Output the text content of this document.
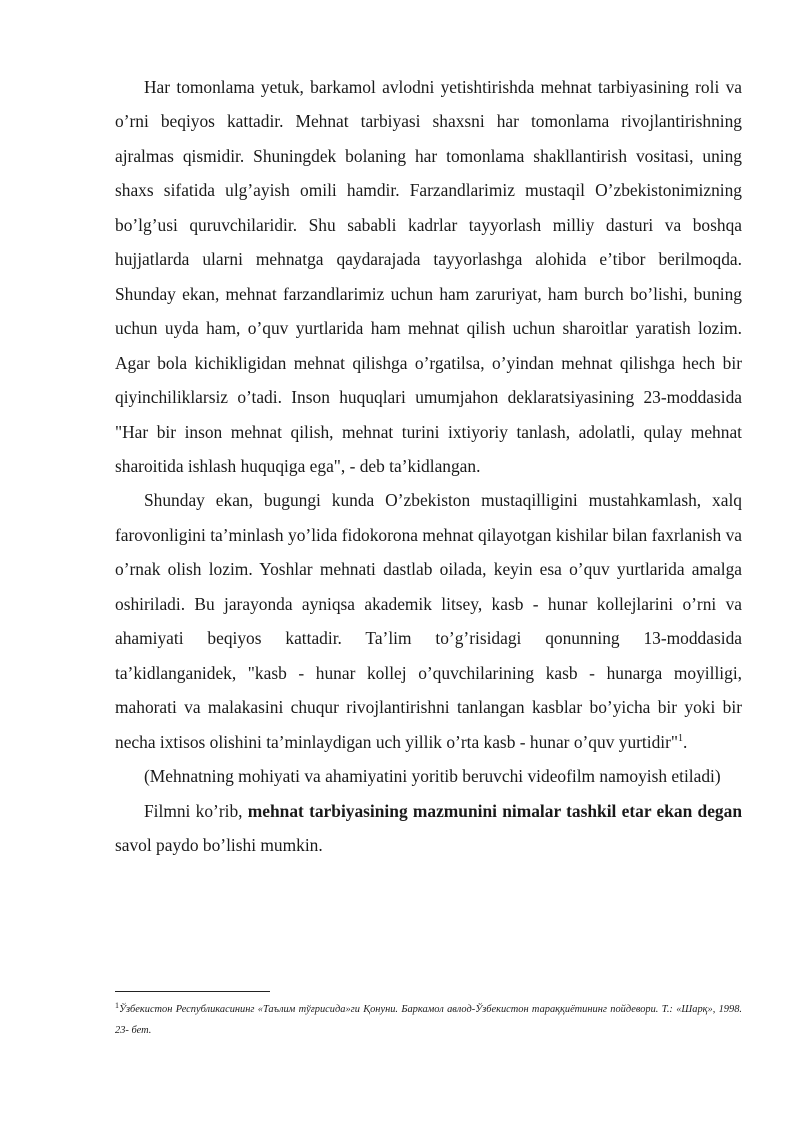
Har tomonlama yetuk, barkamol avlodni yetishtirishda mehnat tarbiyasining roli va o’rni beqiyos kattadir. Mehnat tarbiyasi shaxsni har tomonlama rivojlantirishning ajralmas qismidir. Shuningdek bolaning har tomonlama shakllantirish vositasi, uning shaxs sifatida ulg’ayish omili hamdir. Farzandlarimiz mustaqil O’zbekistonimizning bo’lg’usi quruvchilaridir. Shu sababli kadrlar tayyorlash milliy dasturi va boshqa hujjatlarda ularni mehnatga qaydarajada tayyorlashga alohida e’tibor berilmoqda. Shunday ekan, mehnat farzandlarimiz uchun ham zaruriyat, ham burch bo’lishi, buning uchun uyda ham, o’quv yurtlarida ham mehnat qilish uchun sharoitlar yaratish lozim. Agar bola kichikligidan mehnat qilishga o’rgatilsa, o’yindan mehnat qilishga hech bir qiyinchiliklarsiz o’tadi. Inson huquqlari umumjahon deklaratsiyasining 23-moddasida "Har bir inson mehnat qilish, mehnat turini ixtiyoriy tanlash, adolatli, qulay mehnat sharoitida ishlash huquqiga ega", - deb ta’kidlangan.

Shunday ekan, bugungi kunda O’zbekiston mustaqilligini mustahkamlash, xalq farovonligini ta’minlash yo’lida fidokorona mehnat qilayotgan kishilar bilan faxrlanish va o’rnak olish lozim. Yoshlar mehnati dastlab oilada, keyin esa o’quv yurtlarida amalga oshiriladi. Bu jarayonda ayniqsa akademik litsey, kasb - hunar kollejlarini o’rni va ahamiyati beqiyos kattadir. Ta’lim to’g’risidagi qonunning 13-moddasida ta’kidlanganidek, "kasb - hunar kollej o’quvchilarining kasb - hunarga moyilligi, mahorati va malakasini chuqur rivojlantirishni tanlangan kasblar bo’yicha bir yoki bir necha ixtisos olishini ta’minlaydigan uch yillik o’rta kasb - hunar o’quv yurtidir"$^1$.

(Mehnatning mohiyati va ahamiyatini yoritib beruvchi videofilm namoyish etiladi)

Filmni ko’rib, mehnat tarbiyasining mazmunini nimalar tashkil etar ekan degan savol paydo bo’lishi mumkin.

$^1$Ўзбекистон Республикасининг «Таълим тўғрисида»ги Қонуни. Баркамол авлод-Ўзбекистон тараққиётининг пойдевори. Т.: «Шарқ», 1998. 23- бет.
